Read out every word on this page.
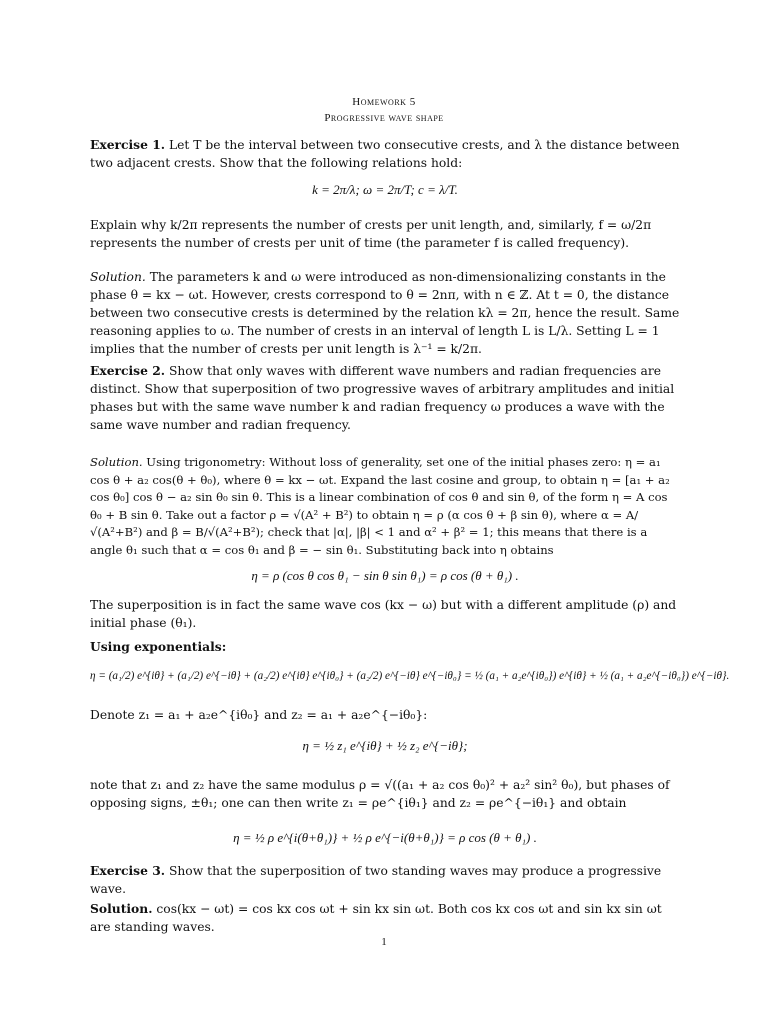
Homework 5
Progressive wave shape
Exercise 1. Let T be the interval between two consecutive crests, and λ the distance between two adjacent crests. Show that the following relations hold:
k = 2π/λ; ω = 2π/T; c = λ/T.
Explain why k/2π represents the number of crests per unit length, and, similarly, f = ω/2π represents the number of crests per unit of time (the parameter f is called frequency).
Solution. The parameters k and ω were introduced as non-dimensionalizing constants in the phase θ = kx − ωt. However, crests correspond to θ = 2nπ, with n ∈ ℤ. At t = 0, the distance between two consecutive crests is determined by the relation kλ = 2π, hence the result. Same reasoning applies to ω. The number of crests in an interval of length L is L/λ. Setting L = 1 implies that the number of crests per unit length is λ⁻¹ = k/2π.
Exercise 2. Show that only waves with different wave numbers and radian frequencies are distinct. Show that superposition of two progressive waves of arbitrary amplitudes and initial phases but with the same wave number k and radian frequency ω produces a wave with the same wave number and radian frequency.
Solution. Using trigonometry: Without loss of generality, set one of the initial phases zero: η = a₁ cos θ + a₂ cos(θ + θ₀), where θ = kx − ωt. Expand the last cosine and group, to obtain η = [a₁ + a₂ cos θ₀] cos θ − a₂ sin θ₀ sin θ. This is a linear combination of cos θ and sin θ, of the form η = A cos θ₀ + B sin θ. Take out a factor ρ = √(A² + B²) to obtain η = ρ (α cos θ + β sin θ), where α = A/√(A²+B²) and β = B/√(A²+B²); check that |α|, |β| < 1 and α² + β² = 1; this means that there is a angle θ₁ such that α = cos θ₁ and β = − sin θ₁. Substituting back into η obtains
η = ρ (cos θ cos θ₁ − sin θ sin θ₁) = ρ cos (θ + θ₁) .
The superposition is in fact the same wave cos (kx − ω) but with a different amplitude (ρ) and initial phase (θ₁).
Using exponentials:
η = (a₁/2) e^{iθ} + (a₁/2) e^{−iθ} + (a₂/2) e^{iθ} e^{iθ₀} + (a₂/2) e^{−iθ} e^{−iθ₀} = ½ (a₁ + a₂e^{iθ₀}) e^{iθ} + ½ (a₁ + a₂e^{−iθ₀}) e^{−iθ}.
Denote z₁ = a₁ + a₂e^{iθ₀} and z₂ = a₁ + a₂e^{−iθ₀}:
η = ½ z₁ e^{iθ} + ½ z₂ e^{−iθ};
note that z₁ and z₂ have the same modulus ρ = √((a₁ + a₂ cos θ₀)² + a₂² sin² θ₀), but phases of opposing signs, ±θ₁; one can then write z₁ = ρe^{iθ₁} and z₂ = ρe^{−iθ₁} and obtain
η = ½ ρ e^{i(θ+θ₁)} + ½ ρ e^{−i(θ+θ₁)} = ρ cos (θ + θ₁) .
Exercise 3. Show that the superposition of two standing waves may produce a progressive wave.
Solution. cos(kx − ωt) = cos kx cos ωt + sin kx sin ωt. Both cos kx cos ωt and sin kx sin ωt are standing waves.
1
